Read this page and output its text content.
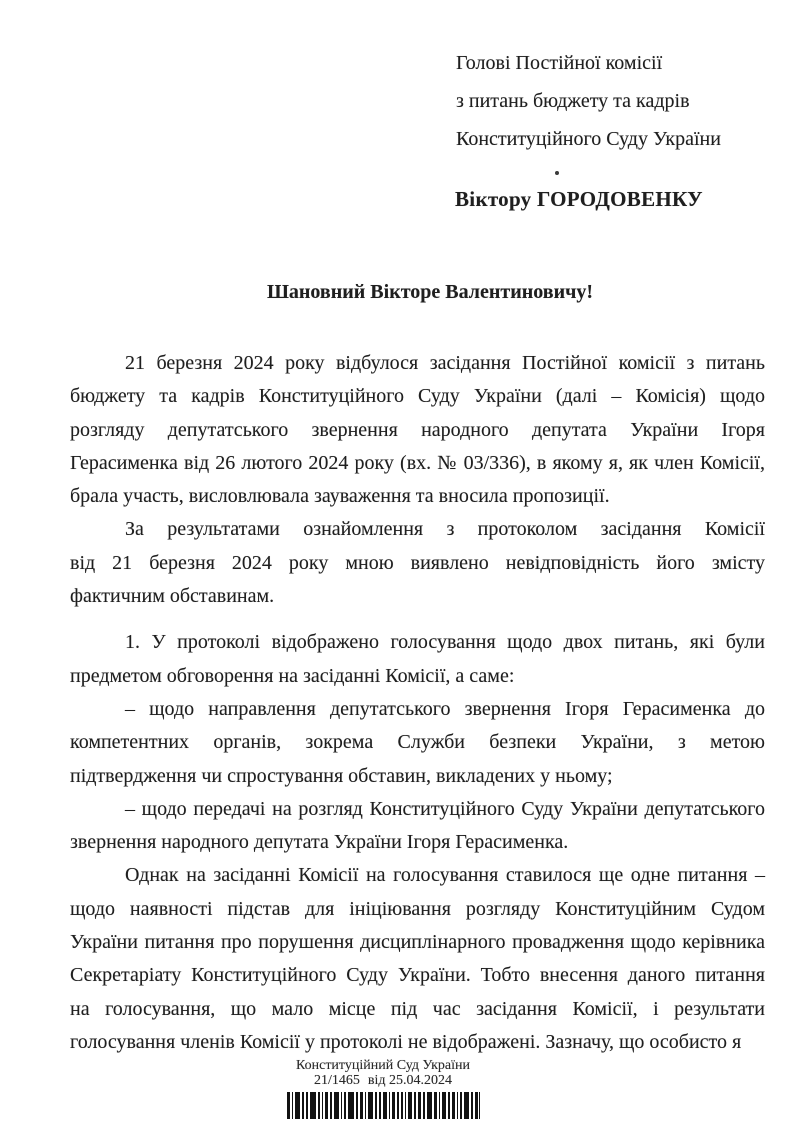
Голові Постійної комісії
з питань бюджету та кадрів
Конституційного Суду України
Віктору ГОРОДОВЕНКУ
Шановний Вікторе Валентиновичу!

21 березня 2024 року відбулося засідання Постійної комісії з питань
бюджету та кадрів Конституційного Суду України (далі – Комісія) щодо
розгляду депутатського звернення народного депутата України Ігоря
Герасименка від 26 лютого 2024 року (вх. № 03/336), в якому я, як член Комісії,
брала участь, висловлювала зауваження та вносила пропозиції.

За результатами ознайомлення з протоколом засідання Комісії
від 21 березня 2024 року мною виявлено невідповідність його змісту
фактичним обставинам.

1. У протоколі відображено голосування щодо двох питань, які були
предметом обговорення на засіданні Комісії, а саме:

– щодо направлення депутатського звернення Ігоря Герасименка до
компетентних органів, зокрема Служби безпеки України, з метою
підтвердження чи спростування обставин, викладених у ньому;

– щодо передачі на розгляд Конституційного Суду України депутатського
звернення народного депутата України Ігоря Герасименка.

Однак на засіданні Комісії на голосування ставилося ще одне питання –
щодо наявності підстав для ініціювання розгляду Конституційним Судом
України питання про порушення дисциплінарного провадження щодо керівника
Секретаріату Конституційного Суду України. Тобто внесення даного питання
на голосування, що мало місце під час засідання Комісії, і результати
голосування членів Комісії у протоколі не відображені. Зазначу, що особисто я

Конституційний Суд України
21/1465 від 25.04.2024
